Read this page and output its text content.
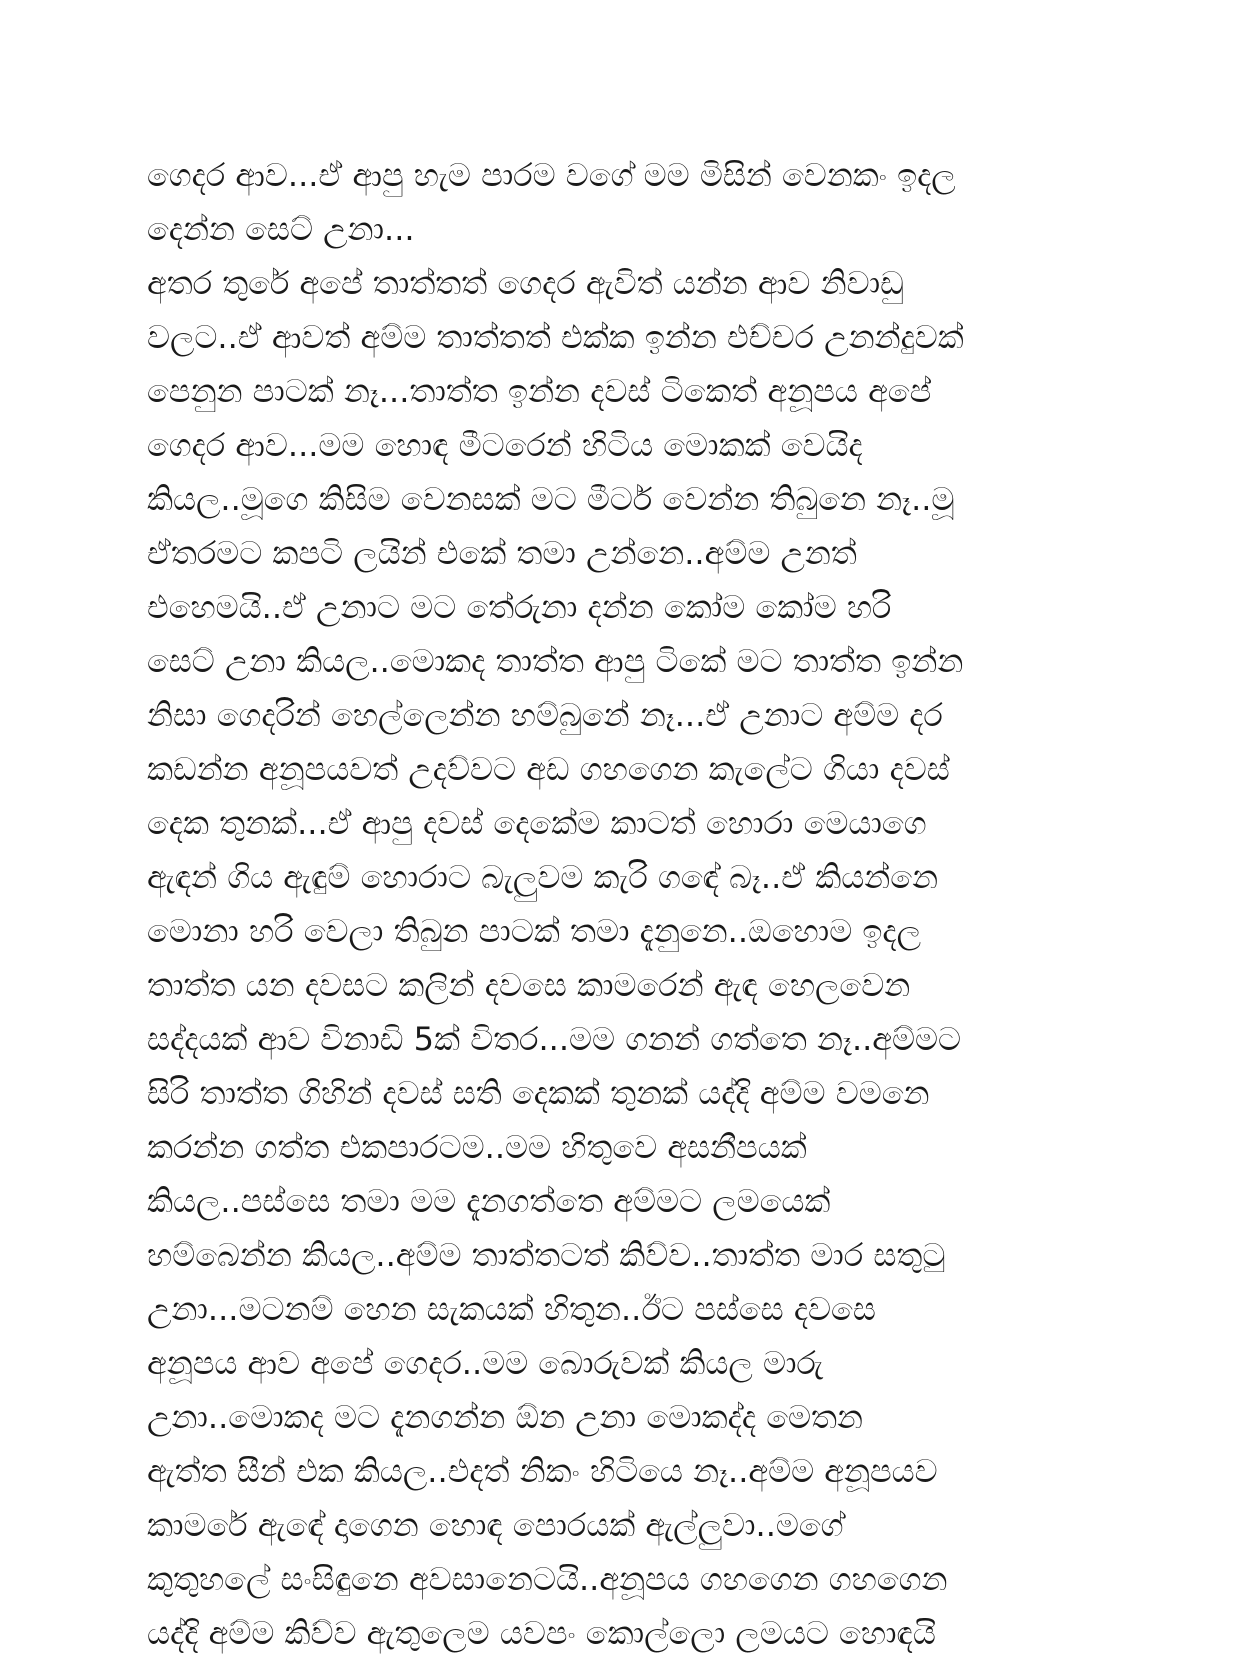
ගෙදර ආව...ඒ ආපු හැම පාරම වගේ මම මිසින් වෙනකං ඉදල
දෙන්න සෙට් උනා...
අතර තුරේ අපේ තාත්තත් ගෙදර ඇවිත් යන්න ආව නිවාඩු
වලට..ඒ ආවත් අම්ම තාත්තත් එක්ක ඉන්න එච්චර උනන්දුවක්
පෙනුන පාටක් නෑ...තාත්ත ඉන්න දවස් ටිකෙත් අනූපය අපේ
ගෙදර ආව...මම හොඳ මීටරෙන් හිටිය මොකක් වෙයිද
කියල..මූගෙ කිසිම වෙනසක් මට මීටර් වෙන්න තිබුනෙ නෑ..මූ
ඒතරමට කපටි ලයින් එකේ තමා උන්නෙ..අම්ම උනත්
එහෙමයි..ඒ උනාට මට තේරුනා දන්න කෝම කෝම හරි
සෙට් උනා කියල..මොකද තාත්ත ආපු ටිකේ මට තාත්ත ඉන්න
නිසා ගෙදරින් හෙල්ලෙන්න හම්බුනේ නෑ...ඒ උනාට අම්ම දර
කඩන්න අනූපයවත් උදව්වට අඩ ගහගෙන කැලේට ගියා දවස්
දෙක තුනක්...ඒ ආපු දවස් දෙකේම කාටත් හොරා මෙයාගෙ
ඇඳන් ගිය ඇඳුම් හොරාට බැලුවම කැරි ගඳේ බෑ..ඒ කියන්නෙ
මොනා හරි වෙලා තිබුන පාටක් තමා දැනුනෙ..ඔහොම ඉදල
තාත්ත යන දවසට කලින් දවසෙ කාමරෙන් ඇඳ හෙලවෙන
සද්දයක් ආව විනාඩි 5ක් විතර...මම ගනන් ගත්තෙ නෑ..අම්මට
සිරි තාත්ත ගිහින් දවස් සති දෙකක් තුනක් යද්දි අම්ම වමනෙ
කරන්න ගත්ත එකපාරටම..මම හිතුවෙ අසනීපයක්
කියල..පස්සෙ තමා මම දැනගත්තෙ අම්මට ලමයෙක්
හම්බෙන්න කියල..අම්ම තාත්තටත් කිව්ව..තාත්ත මාර සතුටු
උනා...මටනම් හෙන සැකයක් හිතුන..ඊට පස්සෙ දවසෙ
අනූපය ආව අපේ ගෙදර..මම බොරුවක් කියල මාරු
උනා..මොකද මට දැනගන්න ඕන උනා මොකද්ද මෙතන
ඇත්ත සීන් එක කියල..එදත් නිකං හිටියෙ නෑ..අම්ම අනූපයව
කාමරේ ඇඳේ දාගෙන හොඳ පොරයක් ඇල්ලුවා..මගේ
කුතුහලේ සංසිඳුනෙ අවසානෙටයි..අනූපය ගහගෙන ගහගෙන
යද්දි අම්ම කිව්ව ඇතුලෙම යවපං කොල්ලො ලමයට හොඳයි
